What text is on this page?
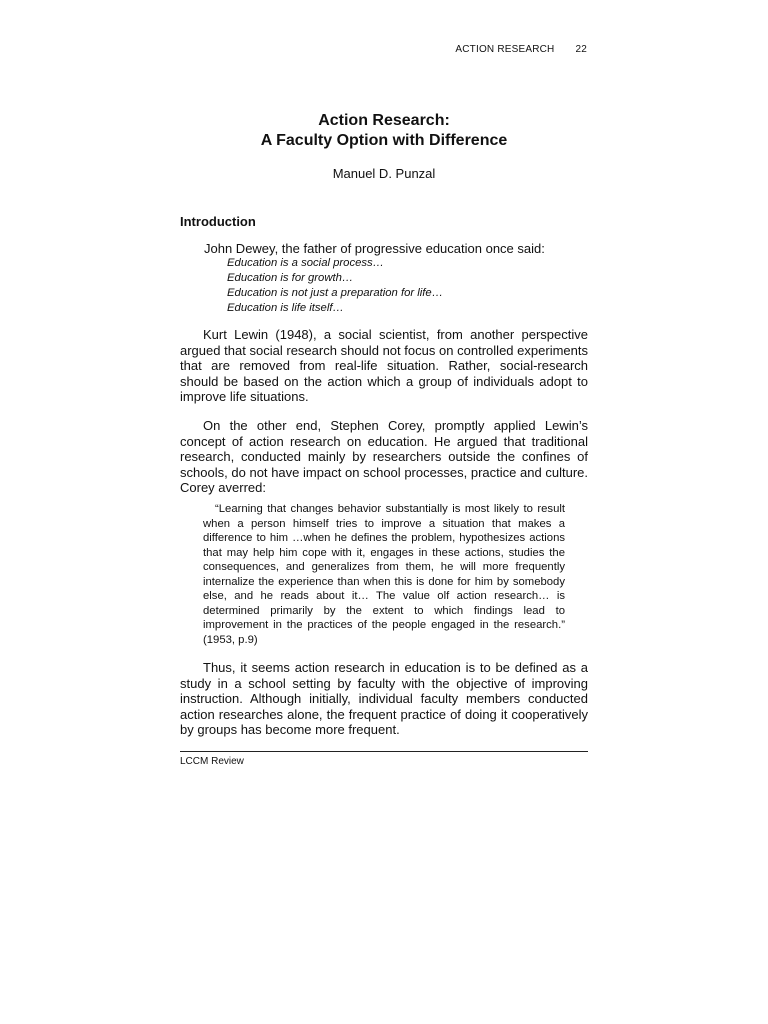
ACTION RESEARCH 22
Action Research:
A Faculty Option with Difference
Manuel D. Punzal
Introduction
John Dewey, the father of progressive education once said:
Education is a social process…
Education is for growth…
Education is not just a preparation for life…
Education is life itself…

Kurt Lewin (1948), a social scientist, from another perspective argued that social research should not focus on controlled experiments that are removed from real-life situation. Rather, social-research should be based on the action which a group of individuals adopt to improve life situations.

On the other end, Stephen Corey, promptly applied Lewin’s concept of action research on education. He argued that traditional research, conducted mainly by researchers outside the confines of schools, do not have impact on school processes, practice and culture. Corey averred:

“Learning that changes behavior substantially is most likely to result when a person himself tries to improve a situation that makes a difference to him …when he defines the problem, hypothesizes actions that may help him cope with it, engages in these actions, studies the consequences, and generalizes from them, he will more frequently internalize the experience than when this is done for him by somebody else, and he reads about it… The value olf action research… is determined primarily by the extent to which findings lead to improvement in the practices of the people engaged in the research.” (1953, p.9)

Thus, it seems action research in education is to be defined as a study in a school setting by faculty with the objective of improving instruction. Although initially, individual faculty members conducted action researches alone, the frequent practice of doing it cooperatively by groups has become more frequent.

LCCM Review
